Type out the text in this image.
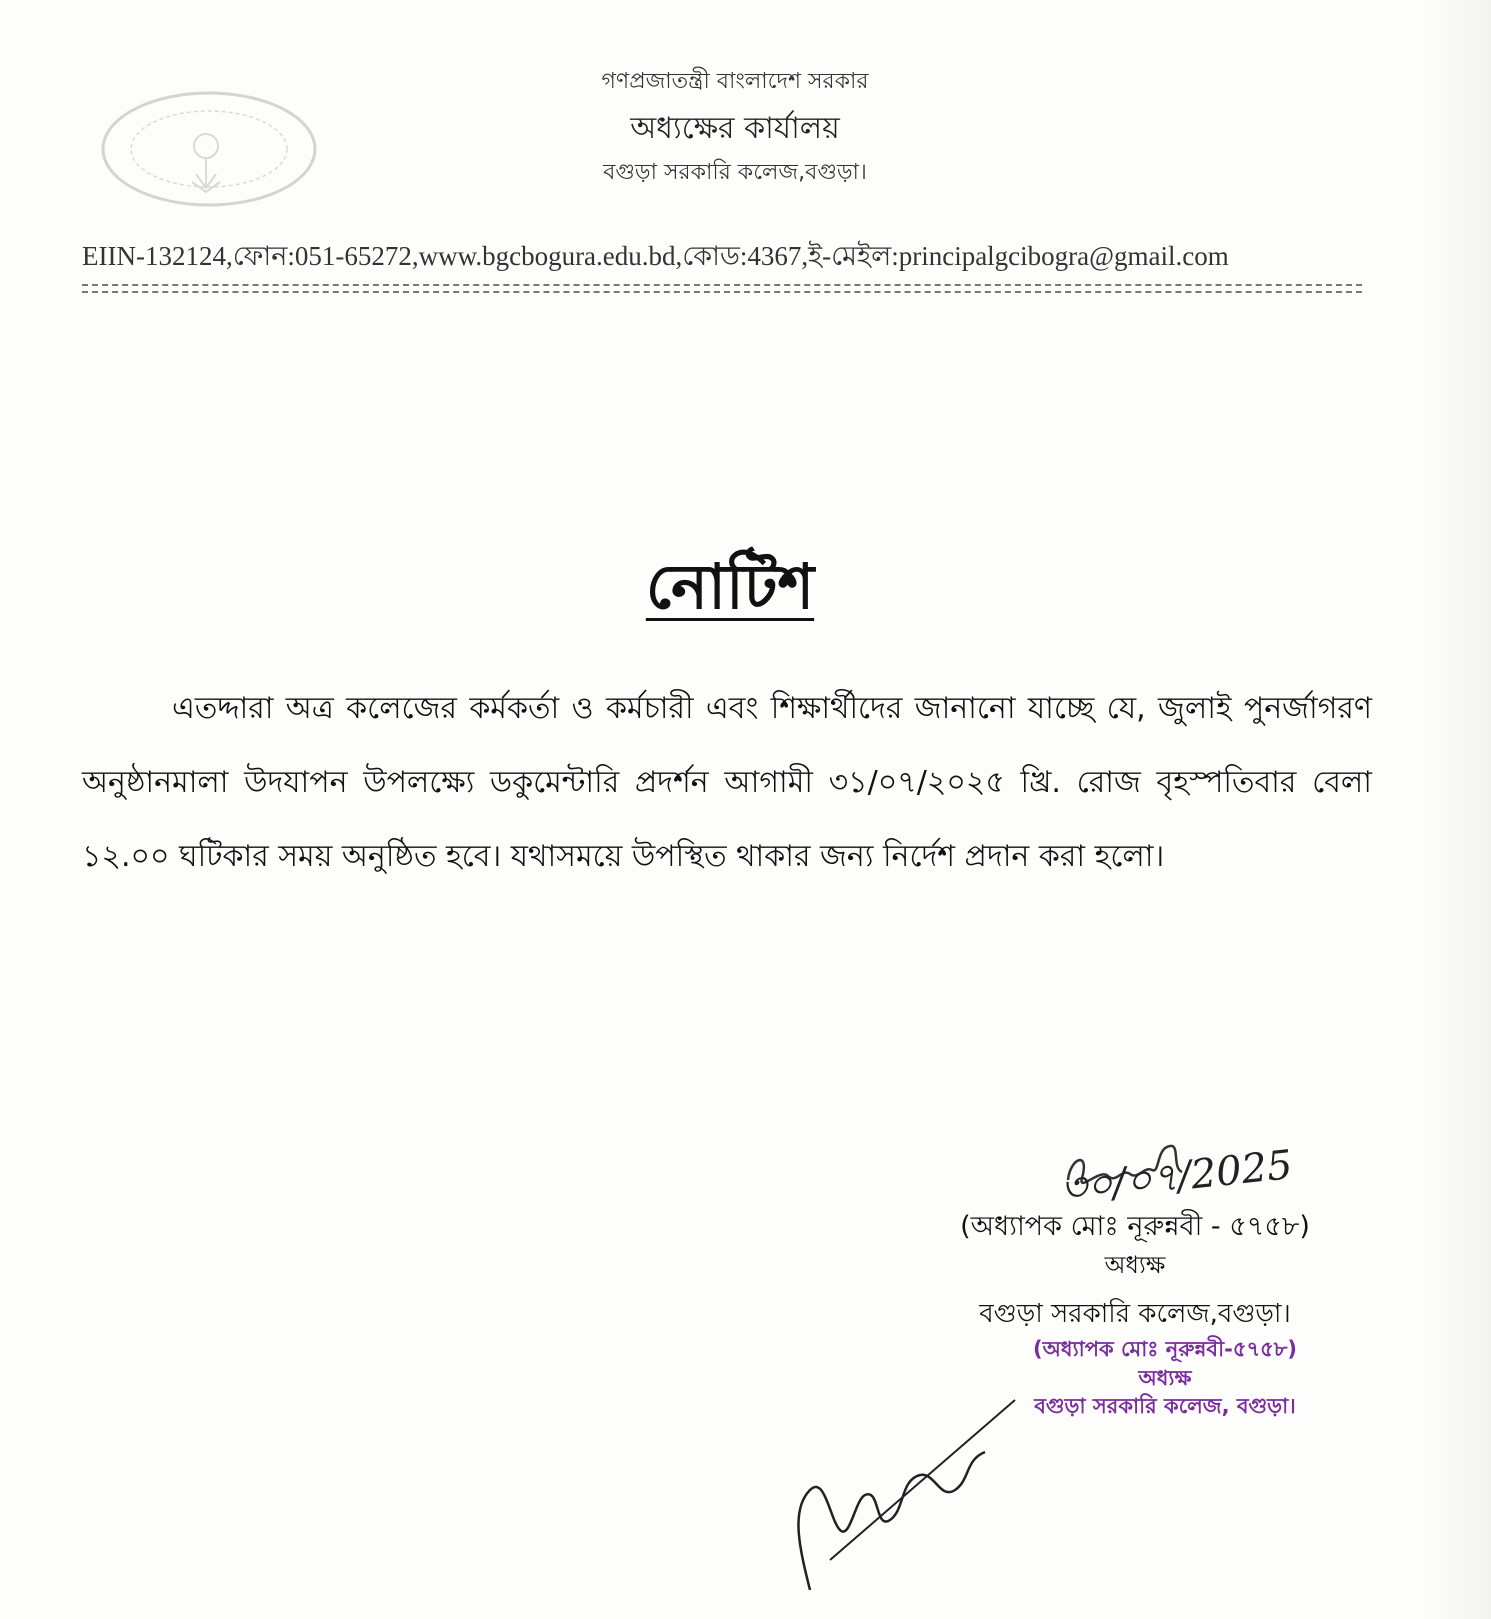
গণপ্রজাতন্ত্রী বাংলাদেশ সরকার
অধ্যক্ষের কার্যালয়
বগুড়া সরকারি কলেজ,বগুড়া।
EIIN-132124,ফোন:051-65272,www.bgcbogura.edu.bd,কোড:4367,ই-মেইল:principalgcibogra@gmail.com
নোটিশ
এতদ্দারা অত্র কলেজের কর্মকর্তা ও কর্মচারী এবং শিক্ষার্থীদের জানানো যাচ্ছে যে, জুলাই পুনর্জাগরণ অনুষ্ঠানমালা উদযাপন উপলক্ষ্যে ডকুমেন্টারি প্রদর্শন আগামী ৩১/০৭/২০২৫ খ্রি. রোজ বৃহস্পতিবার বেলা ১২.০০ ঘটিকার সময় অনুষ্ঠিত হবে। যথাসময়ে উপস্থিত থাকার জন্য নির্দেশ প্রদান করা হলো।
৩০/০৭/2025
(অধ্যাপক মোঃ নূরুন্নবী - ৫৭৫৮)
অধ্যক্ষ
বগুড়া সরকারি কলেজ,বগুড়া।
(অধ্যাপক মোঃ নূরুন্নবী-৫৭৫৮)
অধ্যক্ষ
বগুড়া সরকারি কলেজ, বগুড়া।
